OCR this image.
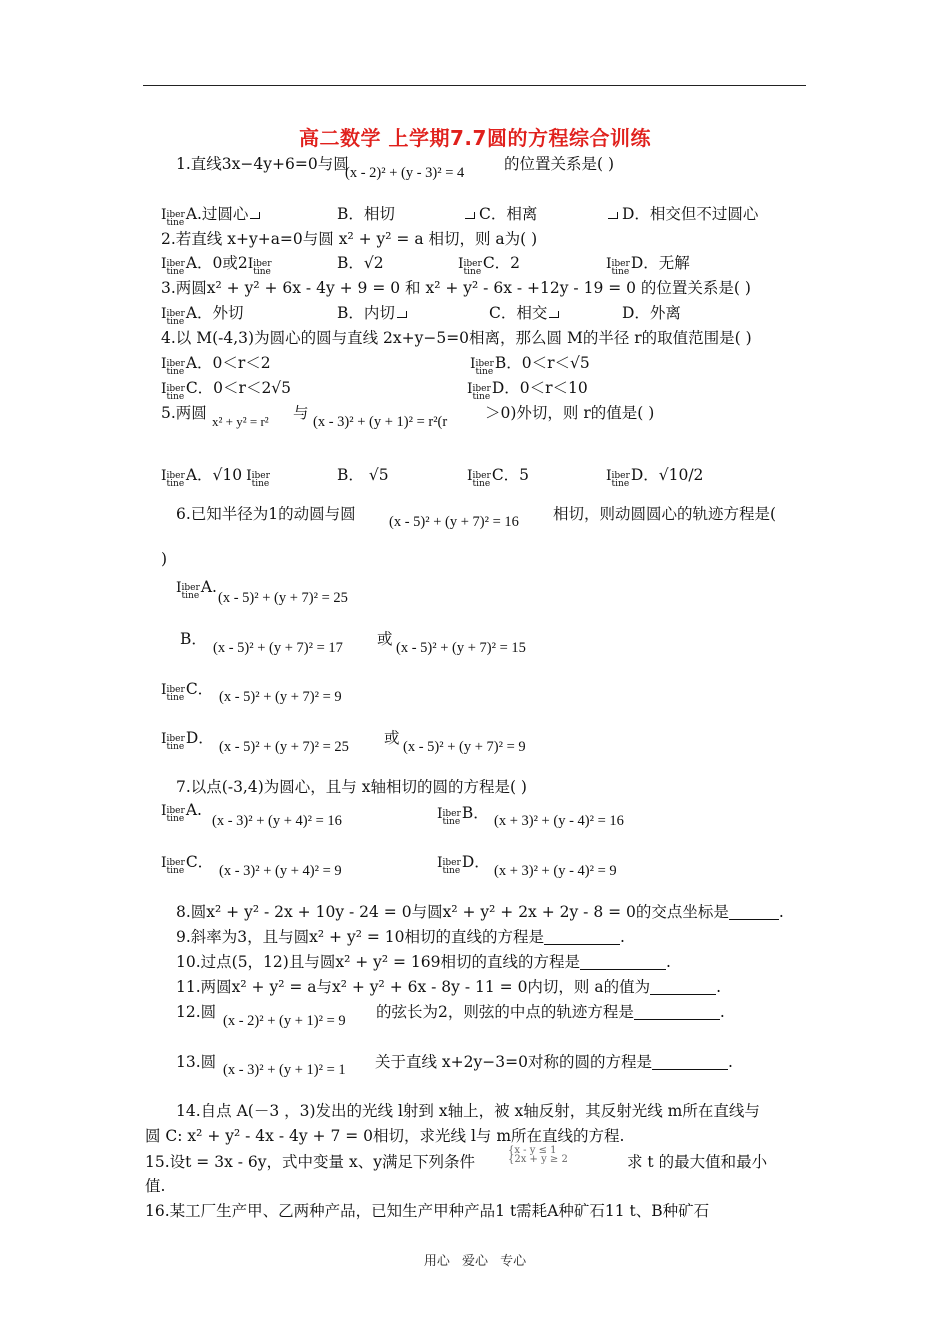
高二数学 上学期7.7圆的方程综合训练
1.直线3x−4y+6=0与圆
(x - 2)² + (y - 3)² = 4	的位置关系是( )
Iiber
tine A.过圆心	B．相切	C．相离	D．相交但不过圆心
2.若直线 x+y+a=0与圆 x² + y² = a 相切，则 a为( )
Iiber
tine A．0或2Iiber
tine	B．√2	Iiber
tine C．2	Iiber
tine D．无解
3.两圆x² + y² + 6x - 4y + 9 = 0 和 x² + y² - 6x - +12y - 19 = 0 的位置关系是( )
Iiber
tine A．外切	B．内切	C．相交	D．外离
4.以 M(-4,3)为圆心的圆与直线 2x+y−5=0相离，那么圆 M的半径 r的取值范围是( )
Iiber
tine A．0＜r＜2	Iiber
tine B．0＜r＜√5
Iiber
tine C．0＜r＜2√5	Iiber
tine D．0＜r＜10
5.两圆 x² + y² = r² 与 (x - 3)² + (y + 1)² = r²(r ＞0)外切，则 r的值是( )
Iiber
tine A．√10 Iiber
tine	B． √5	Iiber
tine C．5	Iiber
tine D．√10/2
6.已知半径为1的动圆与圆 (x - 5)² + (y + 7)² = 16 相切，则动圆圆心的轨迹方程是(
)
Iiber
tine A.
(x - 5)² + (y + 7)² = 25
B． (x - 5)² + (y + 7)² = 17 或 (x - 5)² + (y + 7)² = 15
Iiber
tine C． (x - 5)² + (y + 7)² = 9
Iiber
tine D． (x - 5)² + (y + 7)² = 25 或 (x - 5)² + (y + 7)² = 9
7.以点(-3,4)为圆心，且与 x轴相切的圆的方程是( )
Iiber
tine A.
(x - 3)² + (y + 4)² = 16	Iiber
tine B． (x + 3)² + (y - 4)² = 16
Iiber
tine C． (x - 3)² + (y + 4)² = 9	Iiber
tine D． (x + 3)² + (y - 4)² = 9
8.圆x² + y² - 2x + 10y - 24 = 0与圆x² + y² + 2x + 2y - 8 = 0的交点坐标是	.
9.斜率为3，且与圆x² + y² = 10相切的直线的方程是	.
10.过点(5，12)且与圆x² + y² = 169相切的直线的方程是	.
11.两圆x² + y² = a与x² + y² + 6x - 8y - 11 = 0内切，则 a的值为	.
12.圆 (x - 2)² + (y + 1)² = 9 的弦长为2，则弦的中点的轨迹方程是	.
13.圆 (x - 3)² + (y + 1)² = 1 关于直线 x+2y−3=0对称的圆的方程是	.
14.自点 A(－3 ，3)发出的光线 l射到 x轴上，被 x轴反射，其反射光线 m所在直线与
圆 C: x² + y² - 4x - 4y + 7 = 0相切，求光线 l与 m所在直线的方程.
15.设t = 3x - 6y，式中变量 x、y满足下列条件
{x - y ≤ 1
{2x + y ≥ 2	求 t 的最大值和最小
值.
16.某工厂生产甲、乙两种产品，已知生产甲种产品1 t需耗A种矿石11 t、B种矿石
用心 爱心 专心
